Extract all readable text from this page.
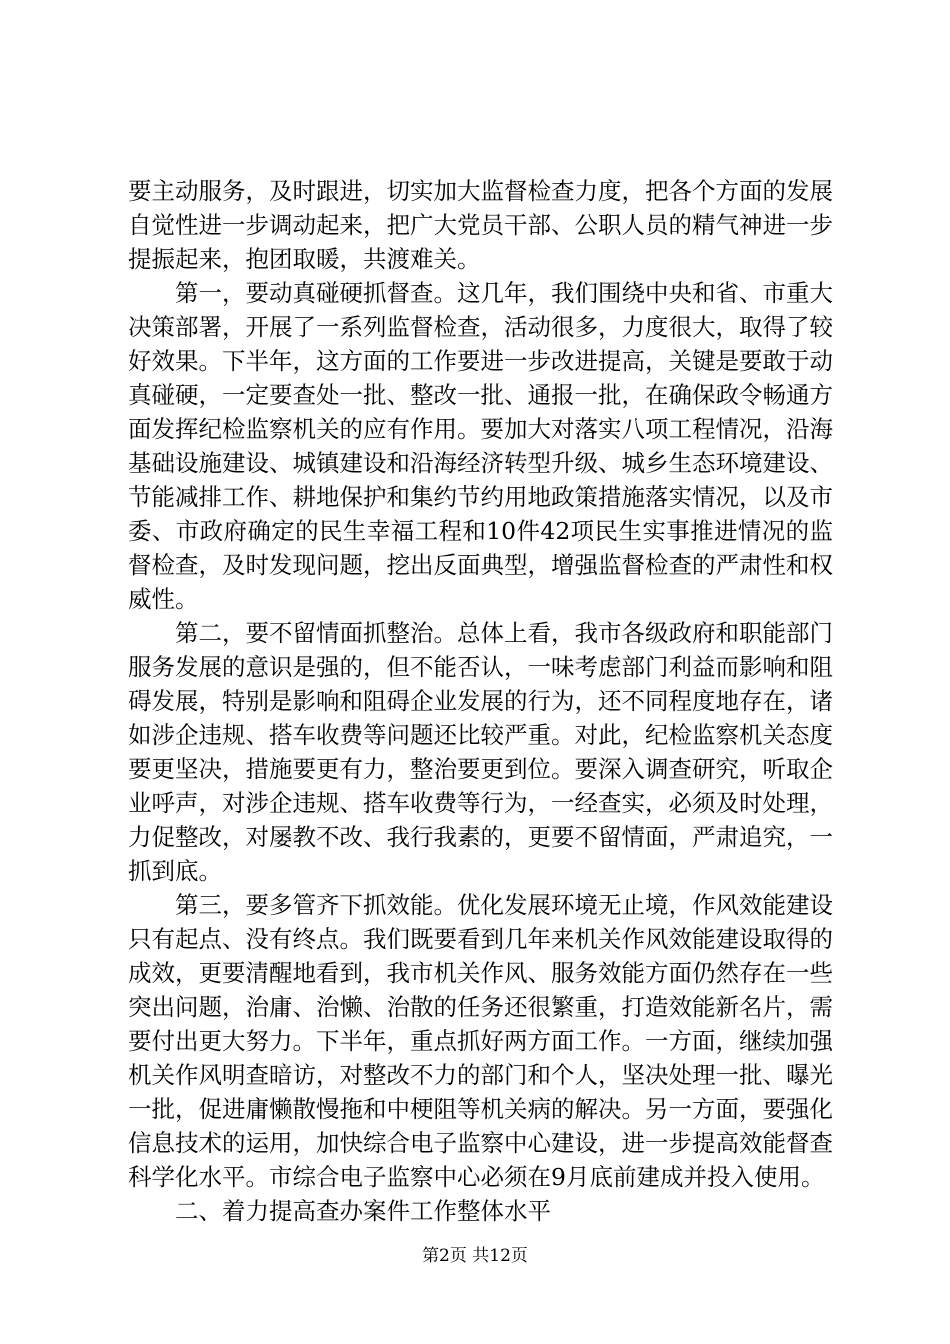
要主动服务，及时跟进，切实加大监督检查力度，把各个方面的发展自觉性进一步调动起来，把广大党员干部、公职人员的精气神进一步提振起来，抱团取暖，共渡难关。

第一，要动真碰硬抓督查。这几年，我们围绕中央和省、市重大决策部署，开展了一系列监督检查，活动很多，力度很大，取得了较好效果。下半年，这方面的工作要进一步改进提高，关键是要敢于动真碰硬，一定要查处一批、整改一批、通报一批，在确保政令畅通方面发挥纪检监察机关的应有作用。要加大对落实八项工程情况，沿海基础设施建设、城镇建设和沿海经济转型升级、城乡生态环境建设、节能减排工作、耕地保护和集约节约用地政策措施落实情况，以及市委、市政府确定的民生幸福工程和10件42项民生实事推进情况的监督检查，及时发现问题，挖出反面典型，增强监督检查的严肃性和权威性。

第二，要不留情面抓整治。总体上看，我市各级政府和职能部门服务发展的意识是强的，但不能否认，一味考虑部门利益而影响和阻碍发展，特别是影响和阻碍企业发展的行为，还不同程度地存在，诸如涉企违规、搭车收费等问题还比较严重。对此，纪检监察机关态度要更坚决，措施要更有力，整治要更到位。要深入调查研究，听取企业呼声，对涉企违规、搭车收费等行为，一经查实，必须及时处理，力促整改，对屡教不改、我行我素的，更要不留情面，严肃追究，一抓到底。

第三，要多管齐下抓效能。优化发展环境无止境，作风效能建设只有起点、没有终点。我们既要看到几年来机关作风效能建设取得的成效，更要清醒地看到，我市机关作风、服务效能方面仍然存在一些突出问题，治庸、治懒、治散的任务还很繁重，打造效能新名片，需要付出更大努力。下半年，重点抓好两方面工作。一方面，继续加强机关作风明查暗访，对整改不力的部门和个人，坚决处理一批、曝光一批，促进庸懒散慢拖和中梗阻等机关病的解决。另一方面，要强化信息技术的运用，加快综合电子监察中心建设，进一步提高效能督查科学化水平。市综合电子监察中心必须在9月底前建成并投入使用。

二、着力提高查办案件工作整体水平

第2页 共12页
